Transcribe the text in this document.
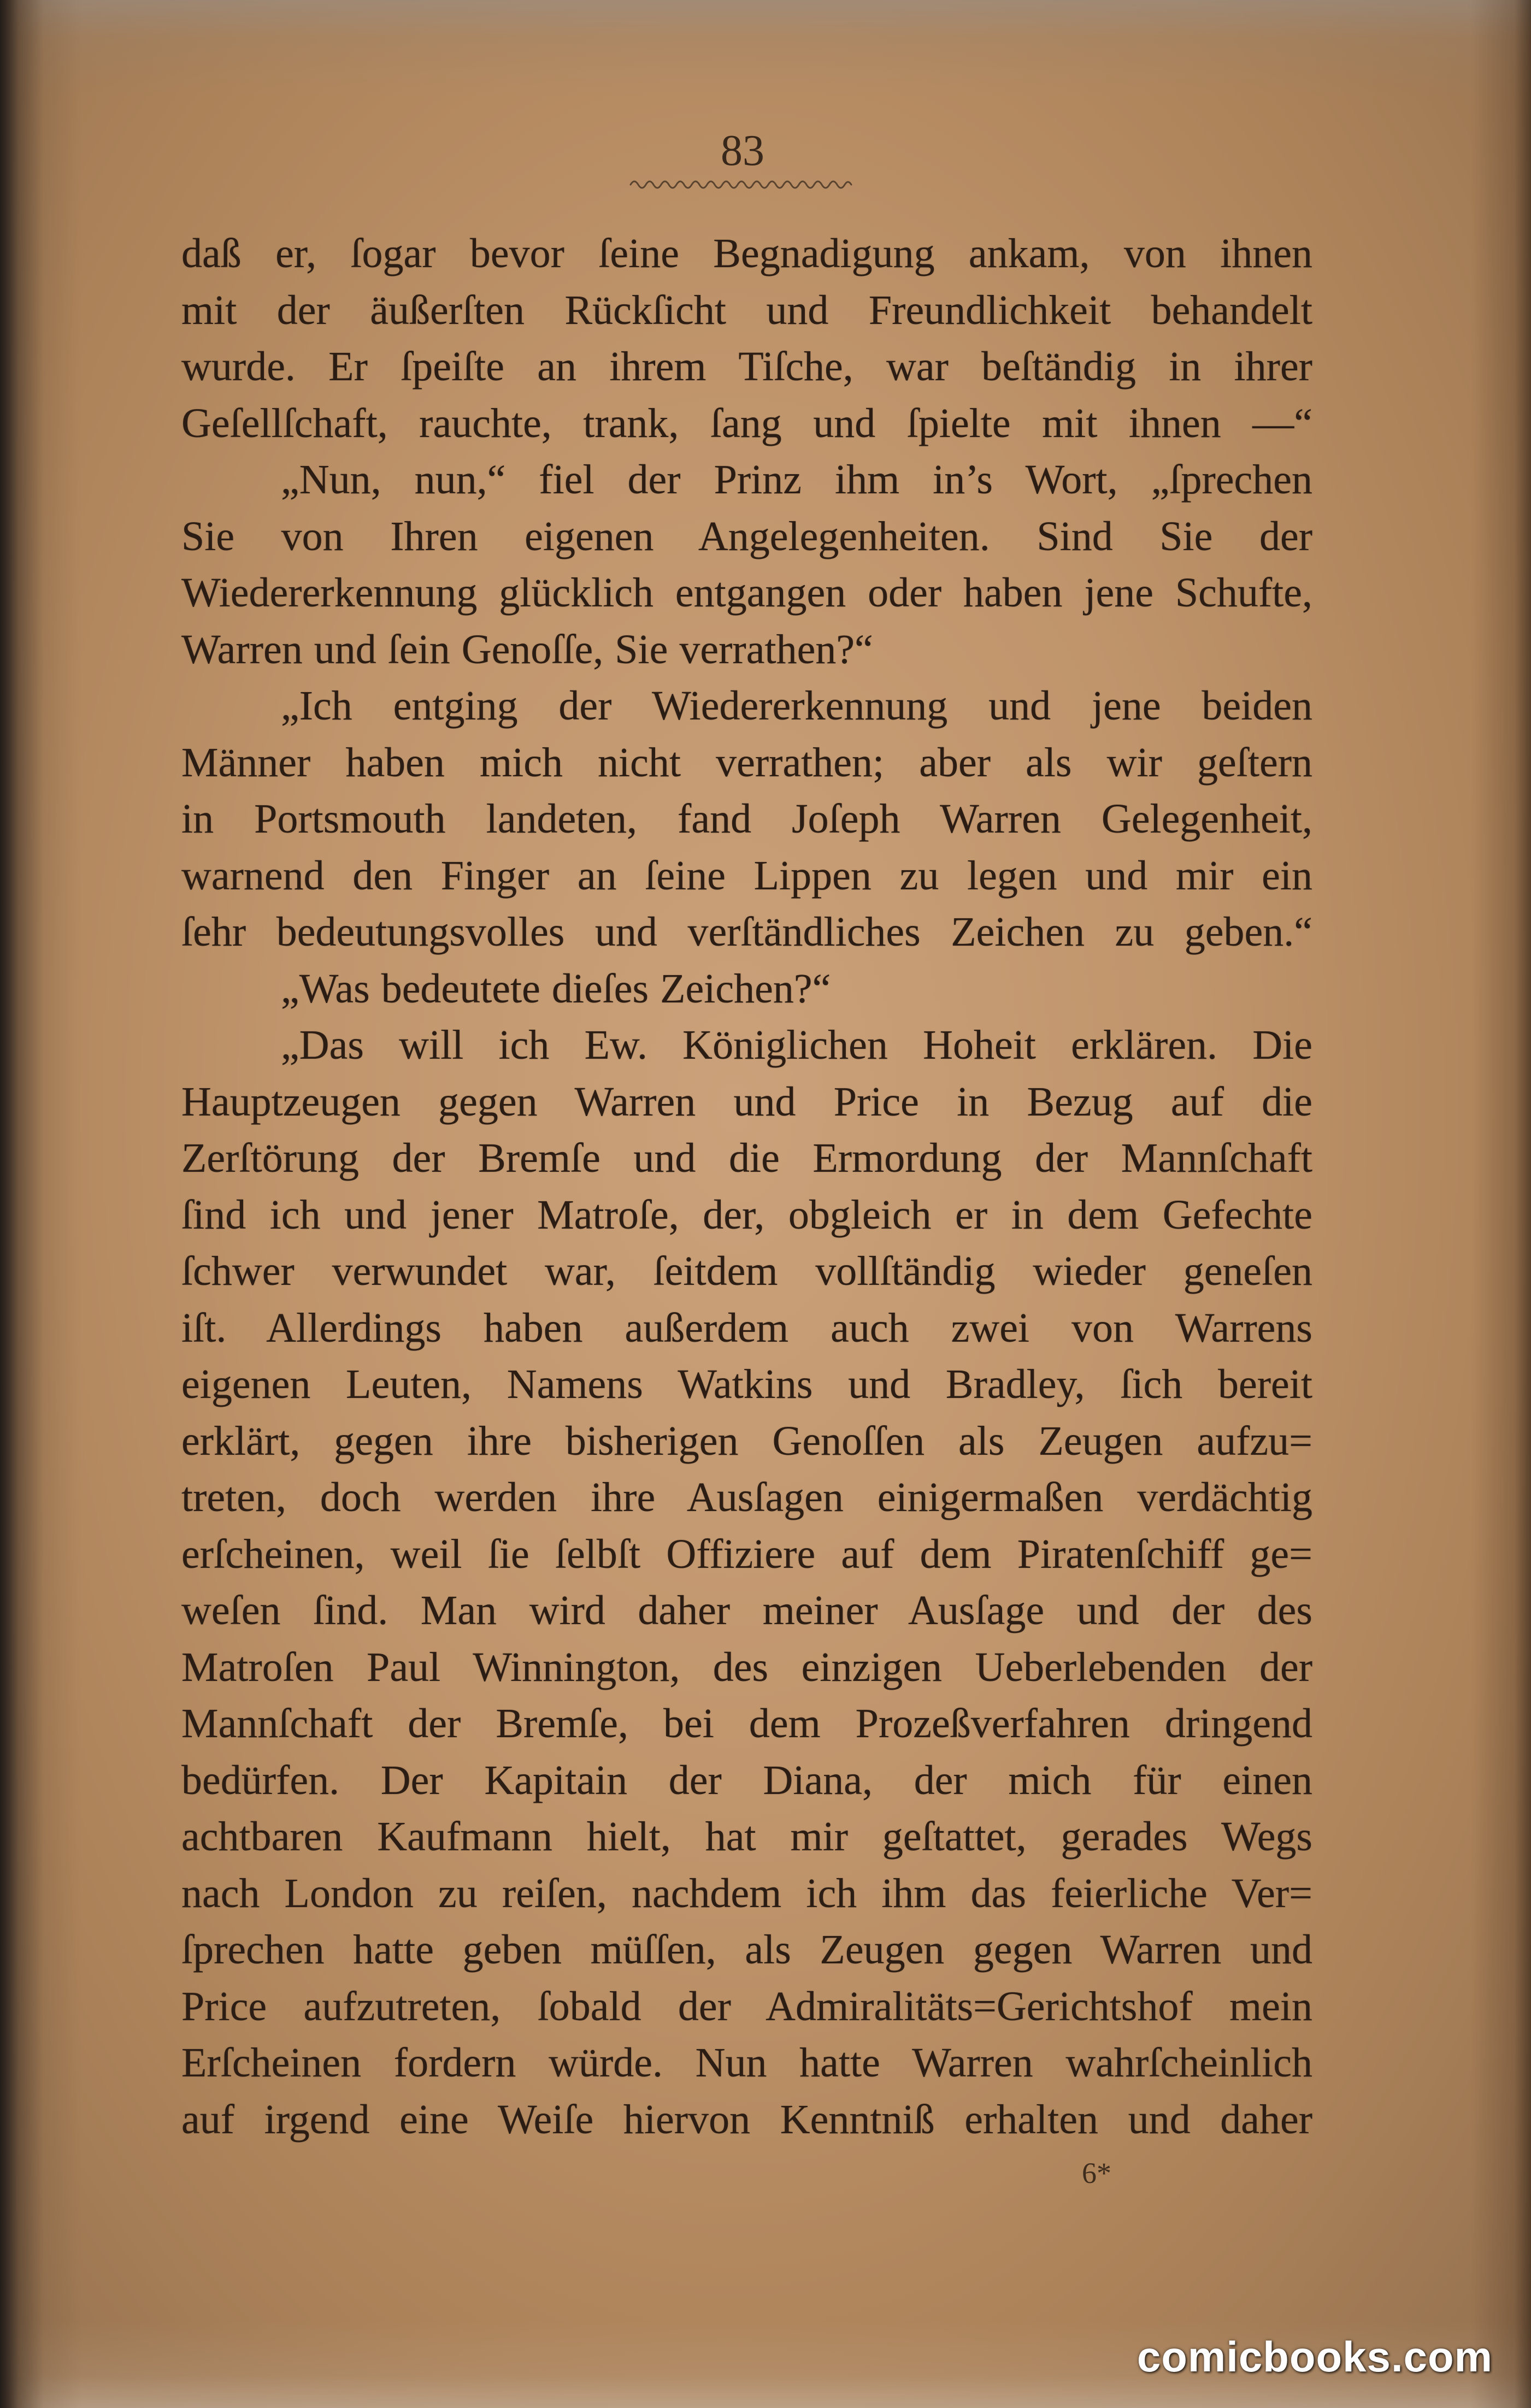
83
daß er, ſogar bevor ſeine Begnadigung ankam, von ihnen
mit der äußerſten Rückſicht und Freundlichkeit behandelt
wurde. Er ſpeiſte an ihrem Tiſche, war beſtändig in ihrer
Geſellſchaft, rauchte, trank, ſang und ſpielte mit ihnen —“
„Nun, nun,“ fiel der Prinz ihm in’s Wort, „ſprechen
Sie von Ihren eigenen Angelegenheiten. Sind Sie der
Wiedererkennung glücklich entgangen oder haben jene Schufte,
Warren und ſein Genoſſe, Sie verrathen?“
„Ich entging der Wiedererkennung und jene beiden
Männer haben mich nicht verrathen; aber als wir geſtern
in Portsmouth landeten, fand Joſeph Warren Gelegenheit,
warnend den Finger an ſeine Lippen zu legen und mir ein
ſehr bedeutungsvolles und verſtändliches Zeichen zu geben.“
„Was bedeutete dieſes Zeichen?“
„Das will ich Ew. Königlichen Hoheit erklären. Die
Hauptzeugen gegen Warren und Price in Bezug auf die
Zerſtörung der Bremſe und die Ermordung der Mannſchaft
ſind ich und jener Matroſe, der, obgleich er in dem Gefechte
ſchwer verwundet war, ſeitdem vollſtändig wieder geneſen
iſt. Allerdings haben außerdem auch zwei von Warrens
eigenen Leuten, Namens Watkins und Bradley, ſich bereit
erklärt, gegen ihre bisherigen Genoſſen als Zeugen aufzu=
treten, doch werden ihre Ausſagen einigermaßen verdächtig
erſcheinen, weil ſie ſelbſt Offiziere auf dem Piratenſchiff ge=
weſen ſind. Man wird daher meiner Ausſage und der des
Matroſen Paul Winnington, des einzigen Ueberlebenden der
Mannſchaft der Bremſe, bei dem Prozeßverfahren dringend
bedürfen. Der Kapitain der Diana, der mich für einen
achtbaren Kaufmann hielt, hat mir geſtattet, gerades Wegs
nach London zu reiſen, nachdem ich ihm das feierliche Ver=
ſprechen hatte geben müſſen, als Zeugen gegen Warren und
Price aufzutreten, ſobald der Admiralitäts=Gerichtshof mein
Erſcheinen fordern würde. Nun hatte Warren wahrſcheinlich
auf irgend eine Weiſe hiervon Kenntniß erhalten und daher
6*
comicbooks.com
